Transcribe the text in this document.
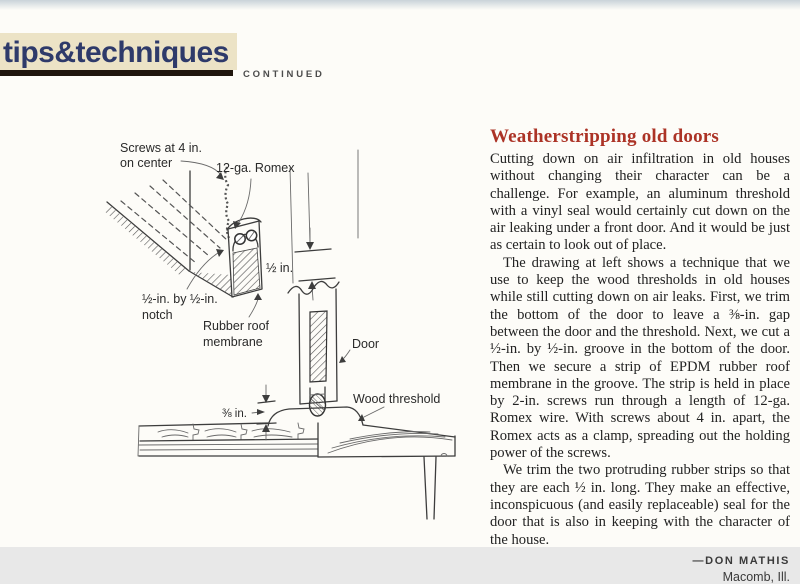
tips&techniques
CONTINUED
½ in.
⅜ in.
Screws at 4 in.
on center	12-ga. Romex
½-in. by ½-in.
notch
Rubber roof
membrane	Door
Wood threshold
Weatherstripping old doors

Cutting down on air infiltration in old houses without changing their character can be a challenge. For example, an aluminum threshold with a vinyl seal would certainly cut down on the air leaking under a front door. And it would be just as certain to look out of place.

The drawing at left shows a technique that we use to keep the wood thresholds in old houses while still cutting down on air leaks. First, we trim the bottom of the door to leave a ⅜-in. gap between the door and the threshold. Next, we cut a ½-in. by ½-in. groove in the bottom of the door. Then we secure a strip of EPDM rubber roof membrane in the groove. The strip is held in place by 2-in. screws run through a length of 12-ga. Romex wire. With screws about 4 in. apart, the Romex acts as a clamp, spreading out the holding power of the screws.

We trim the two protruding rubber strips so that they are each ½ in. long. They make an effective, inconspicuous (and easily replaceable) seal for the door that is also in keeping with the character of the house.

—DON MATHIS
Macomb, Ill.
